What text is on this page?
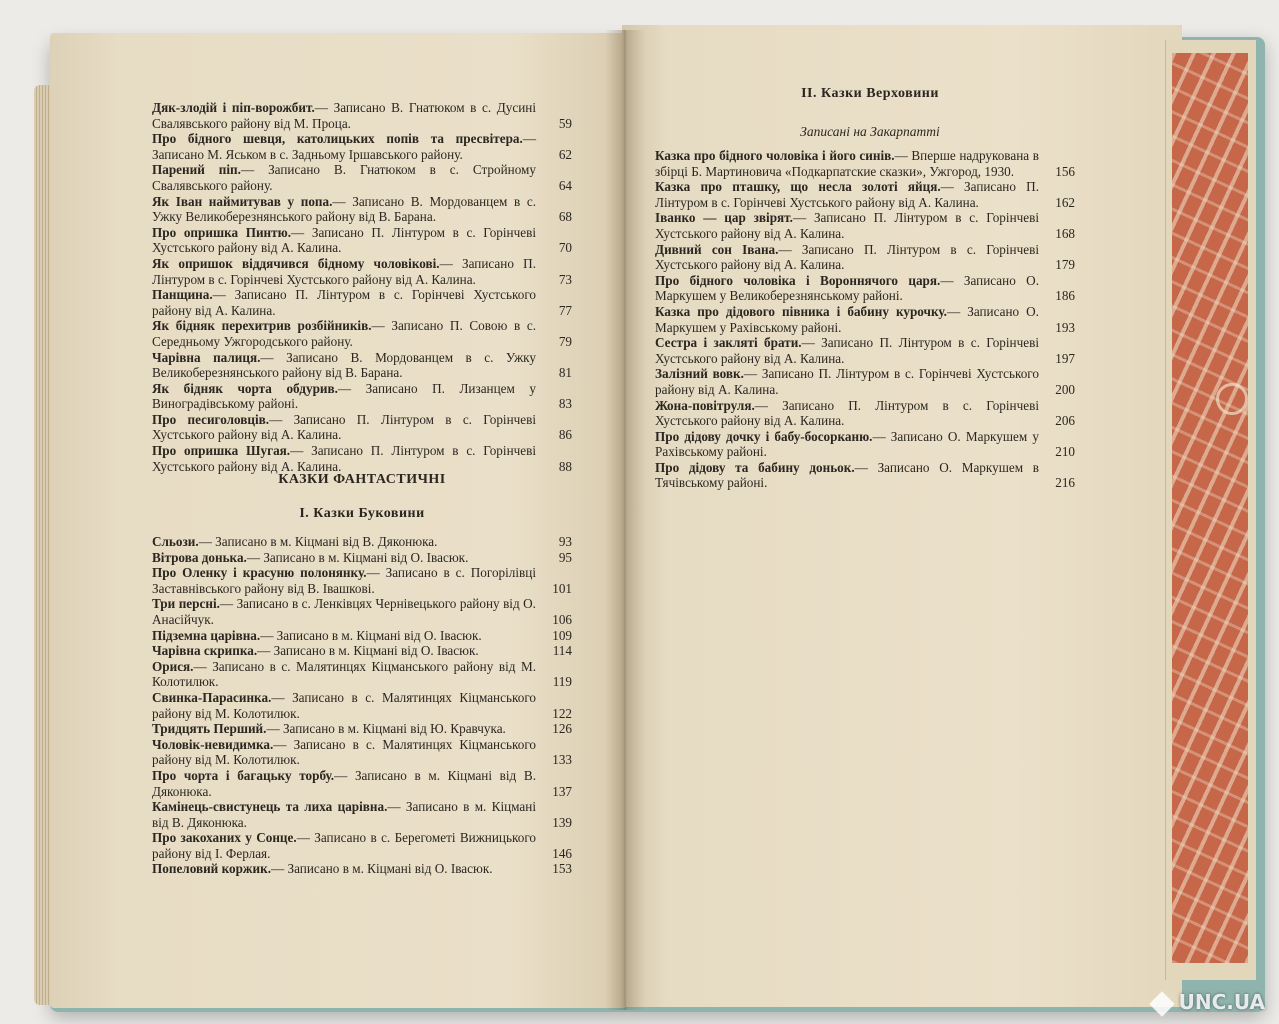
Дяк-злодій і піп-ворожбит.— Записано В. Гнатюком в с. Дусині Свалявського району від М. Проца.	59
Про бідного шевця, католицьких попів та пресвітера.— Записано М. Яськом в с. Задньому Іршавського району.	62
Парений піп.— Записано В. Гнатюком в с. Стройному Свалявського району.	64
Як Іван наймитував у попа.— Записано В. Мордованцем в с. Ужку Великоберезнянського району від В. Барана.	68
Про опришка Пинтю.— Записано П. Лінтуром в с. Горінчеві Хустського району від А. Калина.	70
Як опришок віддячився бідному чоловікові.— Записано П. Лінтуром в с. Горінчеві Хустського району від А. Калина.	73
Панщина.— Записано П. Лінтуром в с. Горінчеві Хустського району від А. Калина.	77
Як бідняк перехитрив розбійників.— Записано П. Совою в с. Середньому Ужгородського району.	79
Чарівна палиця.— Записано В. Мордованцем в с. Ужку Великоберезнянського району від В. Барана.	81
Як бідняк чорта обдурив.— Записано П. Лизанцем у Виноградівському районі.	83
Про песиголовців.— Записано П. Лінтуром в с. Горінчеві Хустського району від А. Калина.	86
Про опришка Шугая.— Записано П. Лінтуром в с. Горінчеві Хустського району від А. Калина.	88
КАЗКИ ФАНТАСТИЧНІ
І. Казки Буковини
Сльози.— Записано в м. Кіцмані від В. Дяконюка.	93
Вітрова донька.— Записано в м. Кіцмані від О. Івасюк.	95
Про Оленку і красуню полонянку.— Записано в с. Погорілівці Заставнівського району від В. Івашкові.	101
Три персні.— Записано в с. Ленківцях Чернівецького району від О. Анасійчук.	106
Підземна царівна.— Записано в м. Кіцмані від О. Івасюк.	109
Чарівна скрипка.— Записано в м. Кіцмані від О. Івасюк.	114
Орися.— Записано в с. Малятинцях Кіцманського району від М. Колотилюк.	119
Свинка-Парасинка.— Записано в с. Малятинцях Кіцманського району від М. Колотилюк.	122
Тридцять Перший.— Записано в м. Кіцмані від Ю. Кравчука.	126
Чоловік-невидимка.— Записано в с. Малятинцях Кіцманського району від М. Колотилюк.	133
Про чорта і багацьку торбу.— Записано в м. Кіцмані від В. Дяконюка.	137
Камінець-свистунець та лиха царівна.— Записано в м. Кіцмані від В. Дяконюка.	139
Про закоханих у Сонце.— Записано в с. Берегометі Вижницького району від І. Ферлая.	146
Попеловий коржик.— Записано в м. Кіцмані від О. Івасюк.	153
II. Казки Верховини
Записані на Закарпатті
Казка про бідного чоловіка і його синів.— Вперше надрукована в збірці Б. Мартиновича «Подкарпатские сказки», Ужгород, 1930.	156
Казка про пташку, що несла золоті яйця.— Записано П. Лінтуром в с. Горінчеві Хустського району від А. Калина.	162
Іванко — цар звірят.— Записано П. Лінтуром в с. Горінчеві Хустського району від А. Калина.	168
Дивний сон Івана.— Записано П. Лінтуром в с. Горінчеві Хустського району від А. Калина.	179
Про бідного чоловіка і Вороннячого царя.— Записано О. Маркушем у Великоберезнянському районі.	186
Казка про дідового півника і бабину курочку.— Записано О. Маркушем у Рахівському районі.	193
Сестра і закляті брати.— Записано П. Лінтуром в с. Горінчеві Хустського району від А. Калина.	197
Залізний вовк.— Записано П. Лінтуром в с. Горінчеві Хустського району від А. Калина.	200
Жона-повітруля.— Записано П. Лінтуром в с. Горінчеві Хустського району від А. Калина.	206
Про дідову дочку і бабу-босорканю.— Записано О. Маркушем у Рахівському районі.	210
Про дідову та бабину доньок.— Записано О. Маркушем в Тячівському районі.	216
UNC.UA
